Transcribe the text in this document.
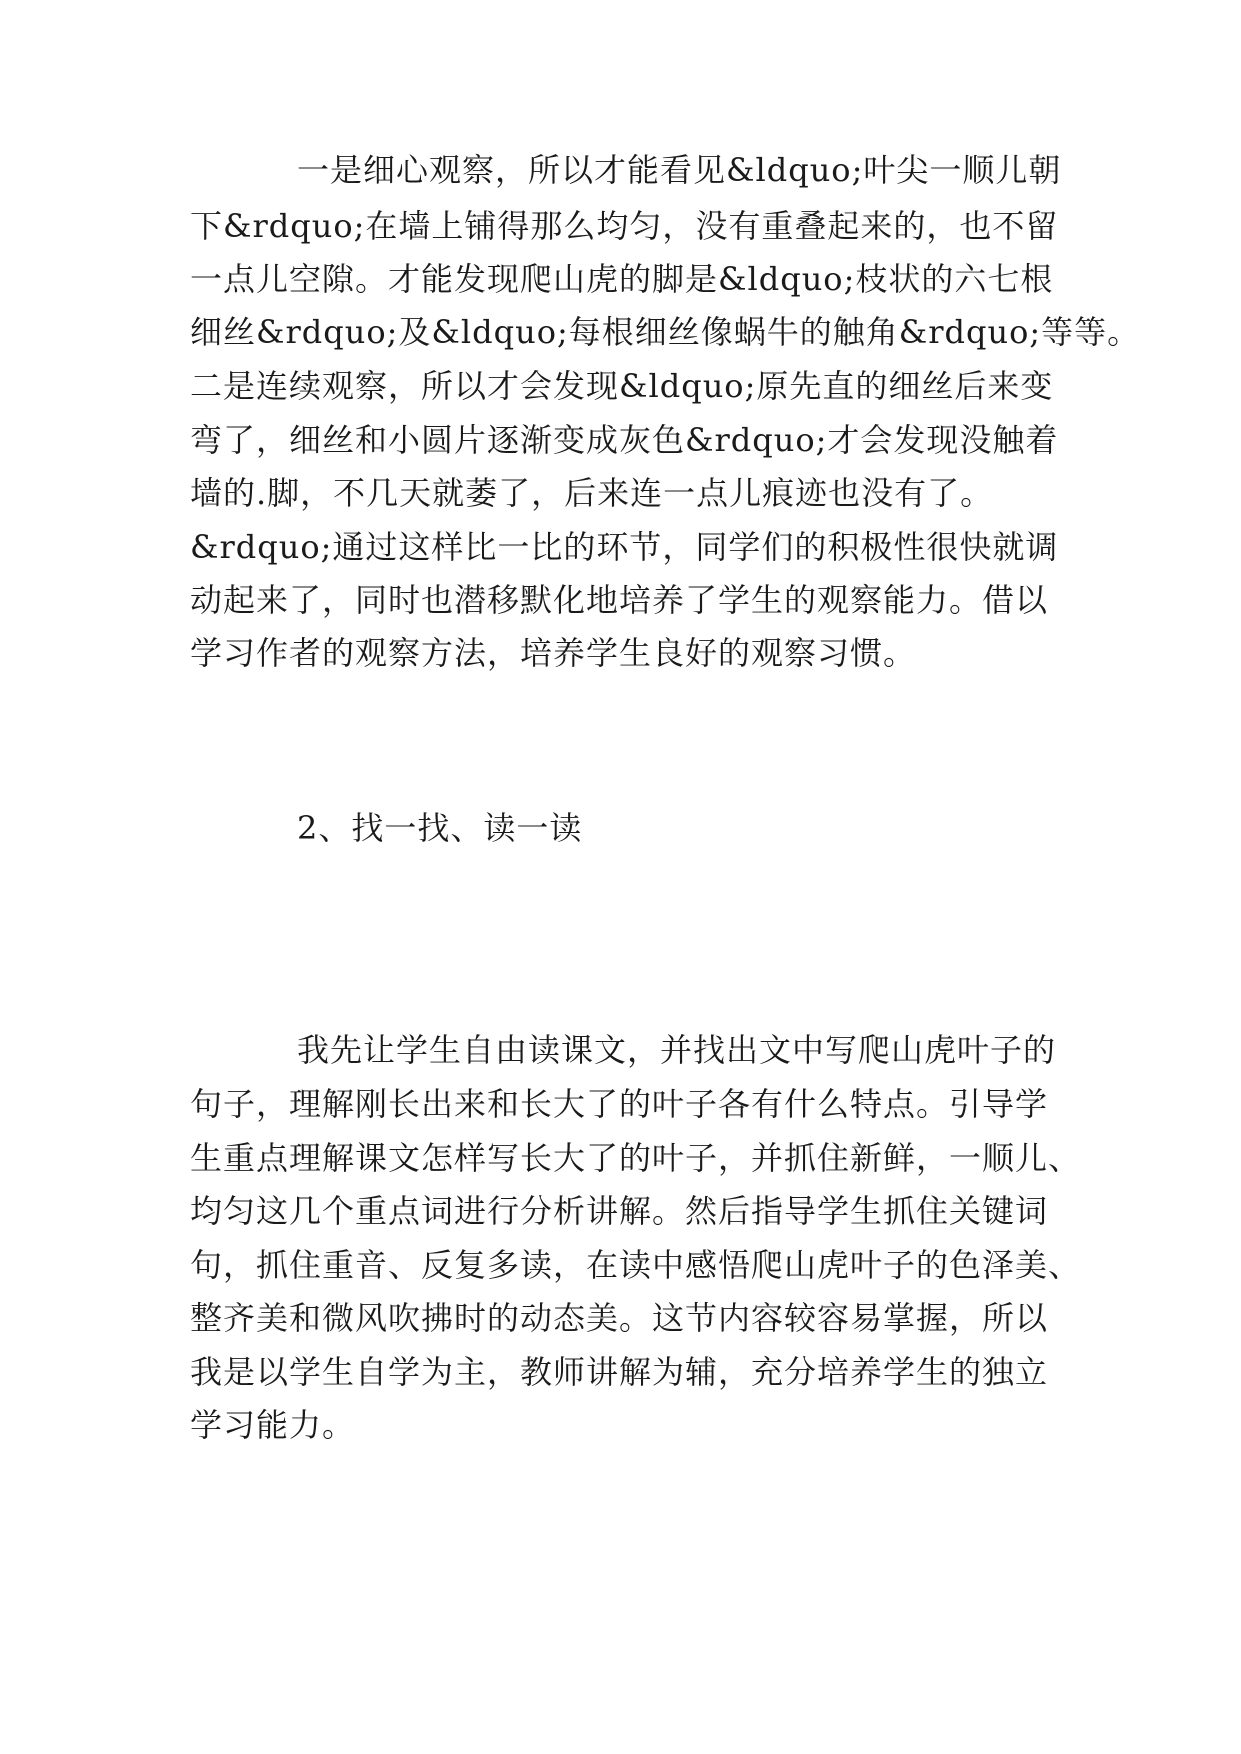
一是细心观察，所以才能看见&ldquo;叶尖一顺儿朝
下&rdquo;在墙上铺得那么均匀，没有重叠起来的，也不留
一点儿空隙。才能发现爬山虎的脚是&ldquo;枝状的六七根
细丝&rdquo;及&ldquo;每根细丝像蜗牛的触角&rdquo;等等。
二是连续观察，所以才会发现&ldquo;原先直的细丝后来变
弯了，细丝和小圆片逐渐变成灰色&rdquo;才会发现没触着
墙的.脚，不几天就萎了，后来连一点儿痕迹也没有了。
&rdquo;通过这样比一比的环节，同学们的积极性很快就调
动起来了，同时也潜移默化地培养了学生的观察能力。借以
学习作者的观察方法，培养学生良好的观察习惯。
2、找一找、读一读
我先让学生自由读课文，并找出文中写爬山虎叶子的
句子，理解刚长出来和长大了的叶子各有什么特点。引导学
生重点理解课文怎样写长大了的叶子，并抓住新鲜，一顺儿、
均匀这几个重点词进行分析讲解。然后指导学生抓住关键词
句，抓住重音、反复多读，在读中感悟爬山虎叶子的色泽美、
整齐美和微风吹拂时的动态美。这节内容较容易掌握，所以
我是以学生自学为主，教师讲解为辅，充分培养学生的独立
学习能力。
